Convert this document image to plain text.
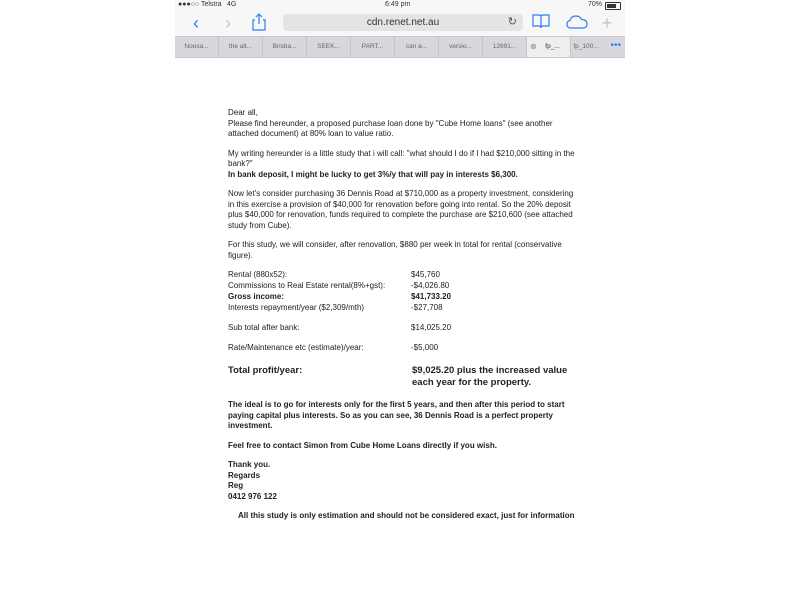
●●●○○ Telstra 4G	6:49 pm	70%
‹	›	cdn.renet.net.au	↻	+
Noosa...	the alt...	Brisba...	SEEK...	PART...	can a...	versio...	12691...	⊗ fp_...	fp_100... •••

Dear all,

Please find hereunder, a proposed purchase loan done by "Cube Home loans" (see another attached document) at 80% loan to value ratio.

My writing hereunder is a little study that i will call: "what should I do if I had $210,000 sitting in the bank?"

In bank deposit, I might be lucky to get 3%/y that will pay in interests $6,300.

Now let's consider purchasing 36 Dennis Road at $710,000 as a property investment, considering in this exercise a provision of $40,000 for renovation before going into rental. So the 20% deposit plus $40,000 for renovation, funds required to complete the purchase are $210,600 (see attached study from Cube).

For this study, we will consider, after renovation, $880 per week in total for rental (conservative figure).

Rental (880x52):	$45,760
Commissions to Real Estate rental(8%+gst):	-$4,026.80
Gross income:	$41,733.20
Interests repayment/year ($2,309/mth)	-$27,708
Sub total after bank:	$14,025.20
Rate/Maintenance etc (estimate)/year:	-$5,000
Total profit/year:	$9,025.20 plus the increased value each year for the property.

The ideal is to go for interests only for the first 5 years, and then after this period to start paying capital plus interests. So as you can see, 36 Dennis Road is a perfect property investment.

Feel free to contact Simon from Cube Home Loans directly if you wish.

Thank you.

Regards

Reg

0412 976 122

All this study is only estimation and should not be considered exact, just for information
